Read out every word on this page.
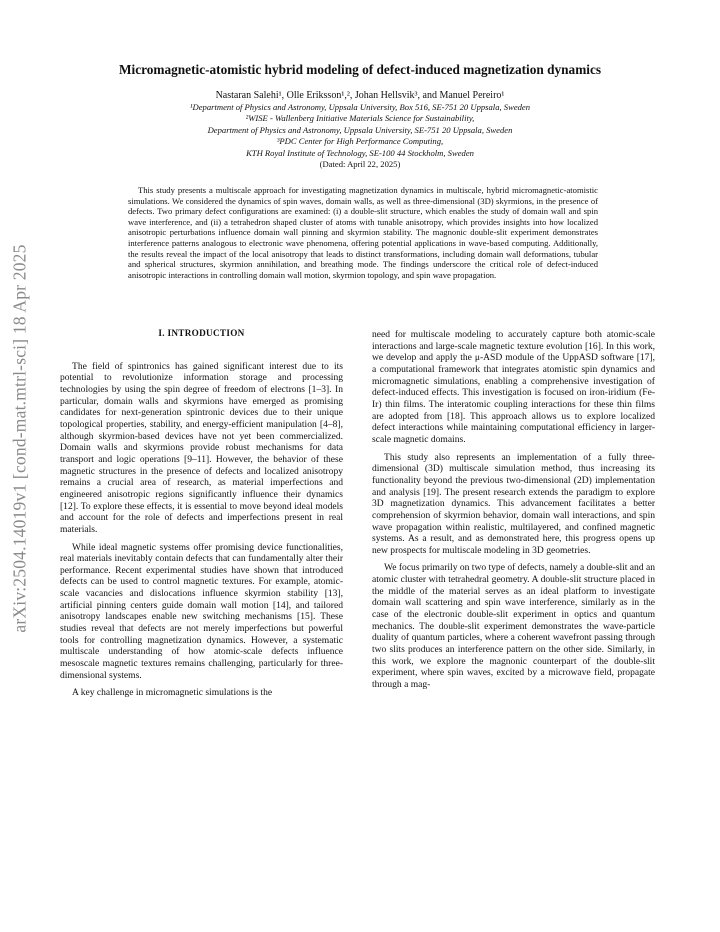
arXiv:2504.14019v1 [cond-mat.mtrl-sci] 18 Apr 2025
Micromagnetic-atomistic hybrid modeling of defect-induced magnetization dynamics
Nastaran Salehi¹, Olle Eriksson¹,², Johan Hellsvik³, and Manuel Pereiro¹
¹Department of Physics and Astronomy, Uppsala University, Box 516, SE-751 20 Uppsala, Sweden
²WISE - Wallenberg Initiative Materials Science for Sustainability,
Department of Physics and Astronomy, Uppsala University, SE-751 20 Uppsala, Sweden
³PDC Center for High Performance Computing,
KTH Royal Institute of Technology, SE-100 44 Stockholm, Sweden
(Dated: April 22, 2025)
This study presents a multiscale approach for investigating magnetization dynamics in multiscale, hybrid micromagnetic-atomistic simulations. We considered the dynamics of spin waves, domain walls, as well as three-dimensional (3D) skyrmions, in the presence of defects. Two primary defect configurations are examined: (i) a double-slit structure, which enables the study of domain wall and spin wave interference, and (ii) a tetrahedron shaped cluster of atoms with tunable anisotropy, which provides insights into how localized anisotropic perturbations influence domain wall pinning and skyrmion stability. The magnonic double-slit experiment demonstrates interference patterns analogous to electronic wave phenomena, offering potential applications in wave-based computing. Additionally, the results reveal the impact of the local anisotropy that leads to distinct transformations, including domain wall deformations, tubular and spherical structures, skyrmion annihilation, and breathing mode. The findings underscore the critical role of defect-induced anisotropic interactions in controlling domain wall motion, skyrmion topology, and spin wave propagation.
I. INTRODUCTION

The field of spintronics has gained significant interest due to its potential to revolutionize information storage and processing technologies by using the spin degree of freedom of electrons [1–3]. In particular, domain walls and skyrmions have emerged as promising candidates for next-generation spintronic devices due to their unique topological properties, stability, and energy-efficient manipulation [4–8], although skyrmion-based devices have not yet been commercialized. Domain walls and skyrmions provide robust mechanisms for data transport and logic operations [9–11]. However, the behavior of these magnetic structures in the presence of defects and localized anisotropy remains a crucial area of research, as material imperfections and engineered anisotropic regions significantly influence their dynamics [12]. To explore these effects, it is essential to move beyond ideal models and account for the role of defects and imperfections present in real materials.

While ideal magnetic systems offer promising device functionalities, real materials inevitably contain defects that can fundamentally alter their performance. Recent experimental studies have shown that introduced defects can be used to control magnetic textures. For example, atomic-scale vacancies and dislocations influence skyrmion stability [13], artificial pinning centers guide domain wall motion [14], and tailored anisotropy landscapes enable new switching mechanisms [15]. These studies reveal that defects are not merely imperfections but powerful tools for controlling magnetization dynamics. However, a systematic multiscale understanding of how atomic-scale defects influence mesoscale magnetic textures remains challenging, particularly for three-dimensional systems.

A key challenge in micromagnetic simulations is the

need for multiscale modeling to accurately capture both atomic-scale interactions and large-scale magnetic texture evolution [16]. In this work, we develop and apply the μ-ASD module of the UppASD software [17], a computational framework that integrates atomistic spin dynamics and micromagnetic simulations, enabling a comprehensive investigation of defect-induced effects. This investigation is focused on iron-iridium (Fe-Ir) thin films. The interatomic coupling interactions for these thin films are adopted from [18]. This approach allows us to explore localized defect interactions while maintaining computational efficiency in larger-scale magnetic domains.

This study also represents an implementation of a fully three-dimensional (3D) multiscale simulation method, thus increasing its functionality beyond the previous two-dimensional (2D) implementation and analysis [19]. The present research extends the paradigm to explore 3D magnetization dynamics. This advancement facilitates a better comprehension of skyrmion behavior, domain wall interactions, and spin wave propagation within realistic, multilayered, and confined magnetic systems. As a result, and as demonstrated here, this progress opens up new prospects for multiscale modeling in 3D geometries.

We focus primarily on two type of defects, namely a double-slit and an atomic cluster with tetrahedral geometry. A double-slit structure placed in the middle of the material serves as an ideal platform to investigate domain wall scattering and spin wave interference, similarly as in the case of the electronic double-slit experiment in optics and quantum mechanics. The double-slit experiment demonstrates the wave-particle duality of quantum particles, where a coherent wavefront passing through two slits produces an interference pattern on the other side. Similarly, in this work, we explore the magnonic counterpart of the double-slit experiment, where spin waves, excited by a microwave field, propagate through a mag-
